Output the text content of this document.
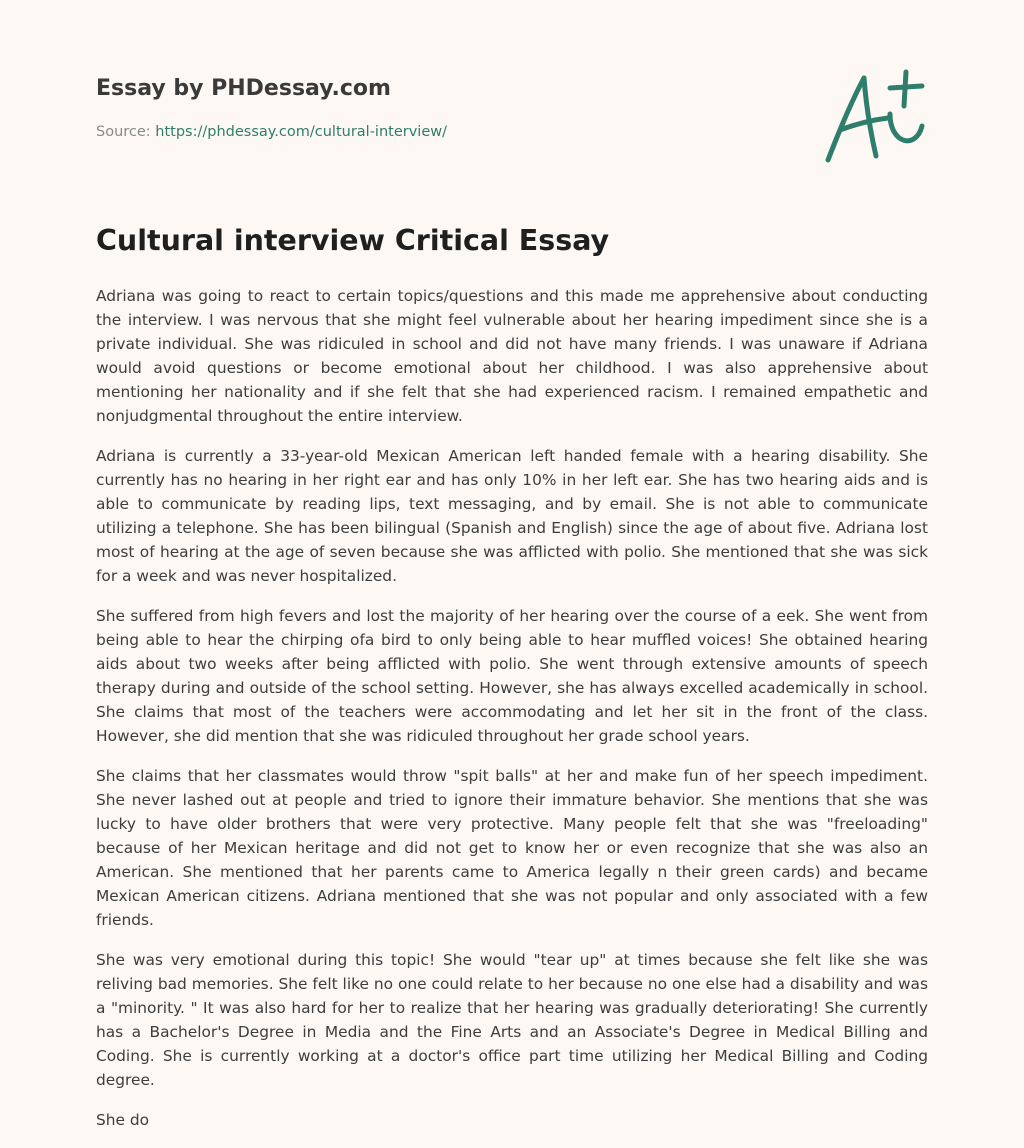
Essay by PHDessay.com
Source: https://phdessay.com/cultural-interview/
Cultural interview Critical Essay

Adriana was going to react to certain topics/questions and this made me apprehensive about conducting the interview. I was nervous that she might feel vulnerable about her hearing impediment since she is a private individual. She was ridiculed in school and did not have many friends. I was unaware if Adriana would avoid questions or become emotional about her childhood. I was also apprehensive about mentioning her nationality and if she felt that she had experienced racism. I remained empathetic and nonjudgmental throughout the entire interview.

Adriana is currently a 33-year-old Mexican American left handed female with a hearing disability. She currently has no hearing in her right ear and has only 10% in her left ear. She has two hearing aids and is able to communicate by reading lips, text messaging, and by email. She is not able to communicate utilizing a telephone. She has been bilingual (Spanish and English) since the age of about five. Adriana lost most of hearing at the age of seven because she was afflicted with polio. She mentioned that she was sick for a week and was never hospitalized.

She suffered from high fevers and lost the majority of her hearing over the course of a eek. She went from being able to hear the chirping ofa bird to only being able to hear muffled voices! She obtained hearing aids about two weeks after being afflicted with polio. She went through extensive amounts of speech therapy during and outside of the school setting. However, she has always excelled academically in school. She claims that most of the teachers were accommodating and let her sit in the front of the class. However, she did mention that she was ridiculed throughout her grade school years.

She claims that her classmates would throw "spit balls" at her and make fun of her speech impediment. She never lashed out at people and tried to ignore their immature behavior. She mentions that she was lucky to have older brothers that were very protective. Many people felt that she was "freeloading" because of her Mexican heritage and did not get to know her or even recognize that she was also an American. She mentioned that her parents came to America legally n their green cards) and became Mexican American citizens. Adriana mentioned that she was not popular and only associated with a few friends.

She was very emotional during this topic! She would "tear up" at times because she felt like she was reliving bad memories. She felt like no one could relate to her because no one else had a disability and was a "minority. " It was also hard for her to realize that her hearing was gradually deteriorating! She currently has a Bachelor's Degree in Media and the Fine Arts and an Associate's Degree in Medical Billing and Coding. She is currently working at a doctor's office part time utilizing her Medical Billing and Coding degree.

She do
